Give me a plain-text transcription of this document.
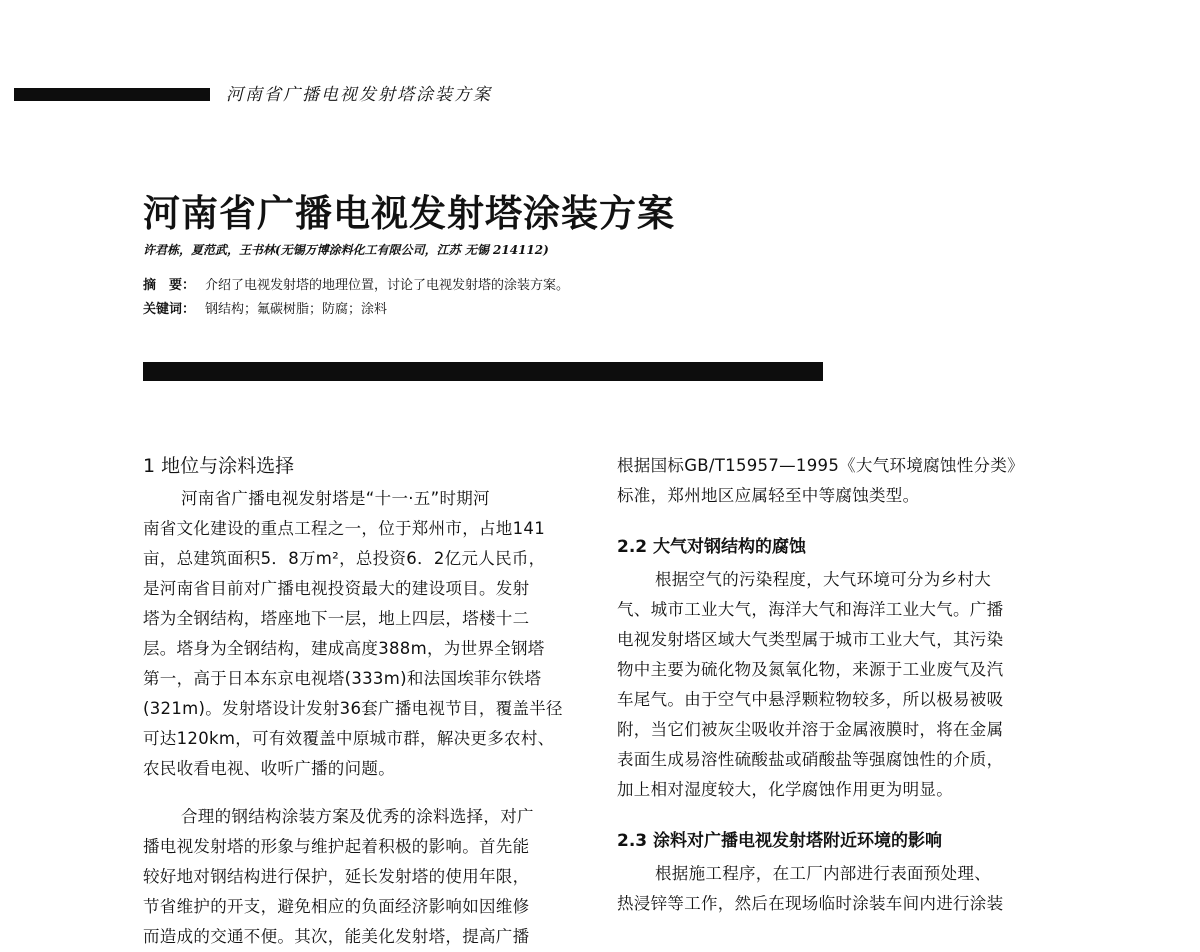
河南省广播电视发射塔涂装方案
河南省广播电视发射塔涂装方案
许君栋，夏范武，王书林(无锡万博涂料化工有限公司，江苏 无锡 214112)
摘　要： 介绍了电视发射塔的地理位置，讨论了电视发射塔的涂装方案。
关键词： 钢结构；氟碳树脂；防腐；涂料
1 地位与涂料选择
河南省广播电视发射塔是“十一·五”时期河
南省文化建设的重点工程之一，位于郑州市，占地141
亩，总建筑面积5．8万m²，总投资6．2亿元人民币，
是河南省目前对广播电视投资最大的建设项目。发射
塔为全钢结构，塔座地下一层，地上四层，塔楼十二
层。塔身为全钢结构，建成高度388m，为世界全钢塔
第一，高于日本东京电视塔(333m)和法国埃菲尔铁塔
(321m)。发射塔设计发射36套广播电视节目，覆盖半径
可达120km，可有效覆盖中原城市群，解决更多农村、
农民收看电视、收听广播的问题。
合理的钢结构涂装方案及优秀的涂料选择，对广
播电视发射塔的形象与维护起着积极的影响。首先能
较好地对钢结构进行保护，延长发射塔的使用年限，
节省维护的开支，避免相应的负面经济影响如因维修
而造成的交通不便。其次，能美化发射塔，提高广播
根据国标GB/T15957—1995《大气环境腐蚀性分类》
标准，郑州地区应属轻至中等腐蚀类型。
2.2 大气对钢结构的腐蚀
根据空气的污染程度，大气环境可分为乡村大
气、城市工业大气，海洋大气和海洋工业大气。广播
电视发射塔区域大气类型属于城市工业大气，其污染
物中主要为硫化物及氮氧化物，来源于工业废气及汽
车尾气。由于空气中悬浮颗粒物较多，所以极易被吸
附，当它们被灰尘吸收并溶于金属液膜时，将在金属
表面生成易溶性硫酸盐或硝酸盐等强腐蚀性的介质，
加上相对湿度较大，化学腐蚀作用更为明显。
2.3 涂料对广播电视发射塔附近环境的影响
根据施工程序，在工厂内部进行表面预处理、
热浸锌等工作，然后在现场临时涂装车间内进行涂装
